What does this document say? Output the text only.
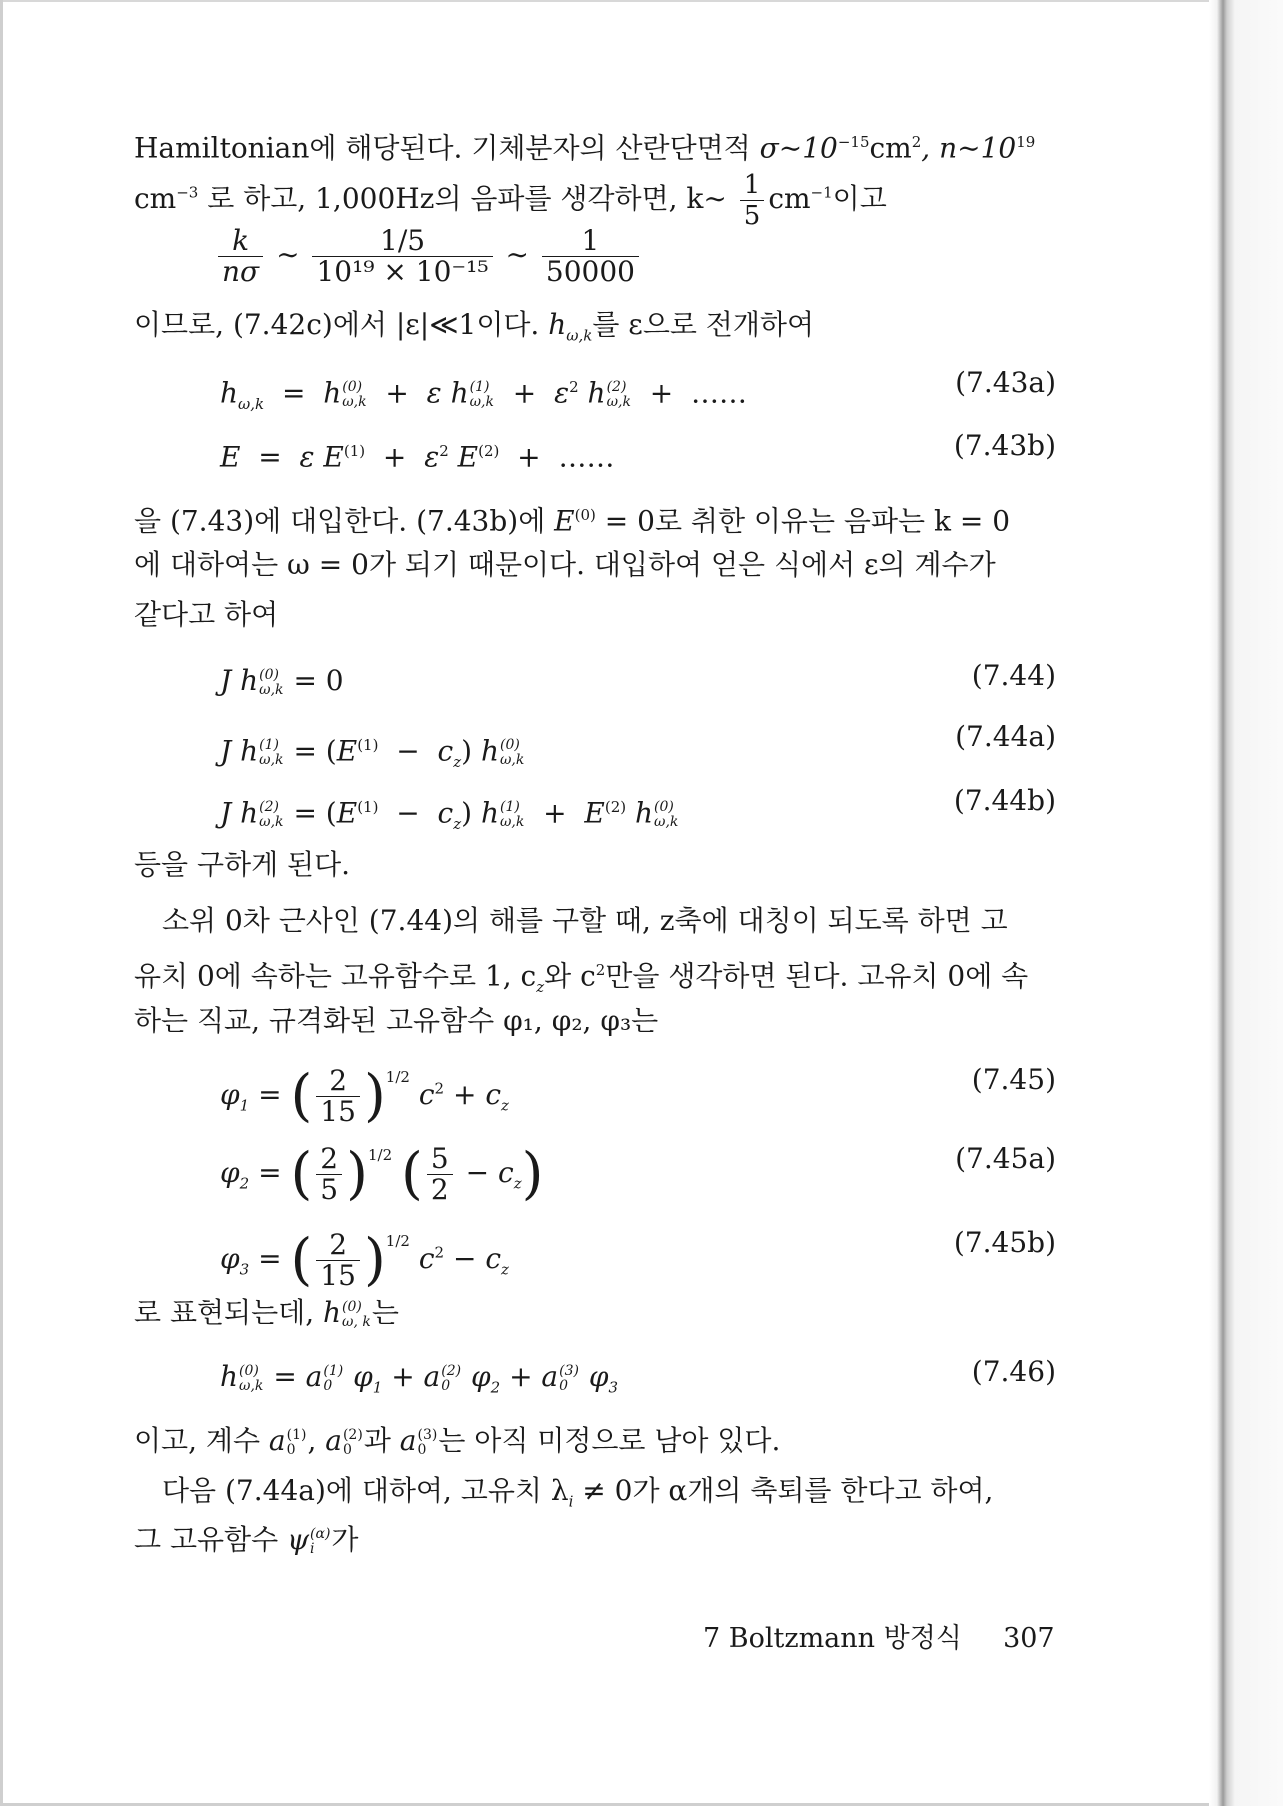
Hamiltonian에 해당된다. 기체분자의 산란단면적 $\sigma\sim 10^{-15}cm^2$, $n\sim 10^{19}$
$cm^{-3}$ 로 하고, 1,000Hz의 음파를 생각하면, k∼ $\frac{1}{5} cm^{-1}$이고
$\frac{k}{n\sigma}$ ∼ $\frac{1/5}{\text{10¹⁹ × 10⁻¹⁵}}$ ∼ $\frac{1}{50000}$
이므로, (7.42c)에서 |ε|≪1이다. $h_{\omega,k}$를 ε으로 전개하여
$h_{\omega,k} = h$ (0)
ω,k +  ε h (1)
$\omega,k + \varepsilon^2$ h (2)
ω,k +  ……	(7.43a)
E  =  ε $E^{(1)} + \varepsilon^2$ $E^{(2)}$  +  ……	(7.43b)
을 (7.43)에 대입한다. (7.43b)에 $E^{(0)} = 0$로 취한 이유는 음파는 k = 0
에 대하여는 ω = 0가 되기 때문이다. 대입하여 얻은 식에서 ε의 계수가
같다고 하여
J h (0)
ω,k = 0	(7.44)
J h (1)
$\omega,k = (E^{(1)} - c_z)$ h (0)
ω,k
(7.44a)
J h (2)
$\omega,k = (E^{(1)} - c_z)$ h (1)
$\omega,k + E^{(2)}$ h (0)
ω,k
(7.44b)
등을 구하게 된다.
소위 0차 근사인 (7.44)의 해를 구할 때, z축에 대칭이 되도록 하면 고
유치 0에 속하는 고유함수로 1, $c_z$와 $c^2$만을 생각하면 된다. 고유치 0에 속
하는 직교, 규격화된 고유함수 φ₁, φ₂, φ₃는
$\varphi_1$ = ( $\frac{2}{15} )^{1/2}$ $c^2 + c_z$
(7.45)
$\varphi_2$ = ( $\frac{2}{5} )^{1/2}$ ( $\frac{5}{2} - c_z$)	(7.45a)
$\varphi_3$ = ( $\frac{2}{15} )^{1/2}$ $c^2 - c_z$
(7.45b)
로 표현되는데, h (0)
ω, k 는
h (0)
ω,k = a (1)
0 $\varphi_1 + a$ (2)
0 $\varphi_2 + a$ (3)
0 $\varphi_3$	(7.46)
이고, 계수 a (1)
0 , a (2)
0 과 a (3)
0 는 아직 미정으로 남아 있다.
다음 (7.44a)에 대하여, 고유치 $\lambda_i \ne 0$가 α개의 축퇴를 한다고 하여,
그 고유함수 ψ (α)
i 가
7 Boltzmann 방정식 307
